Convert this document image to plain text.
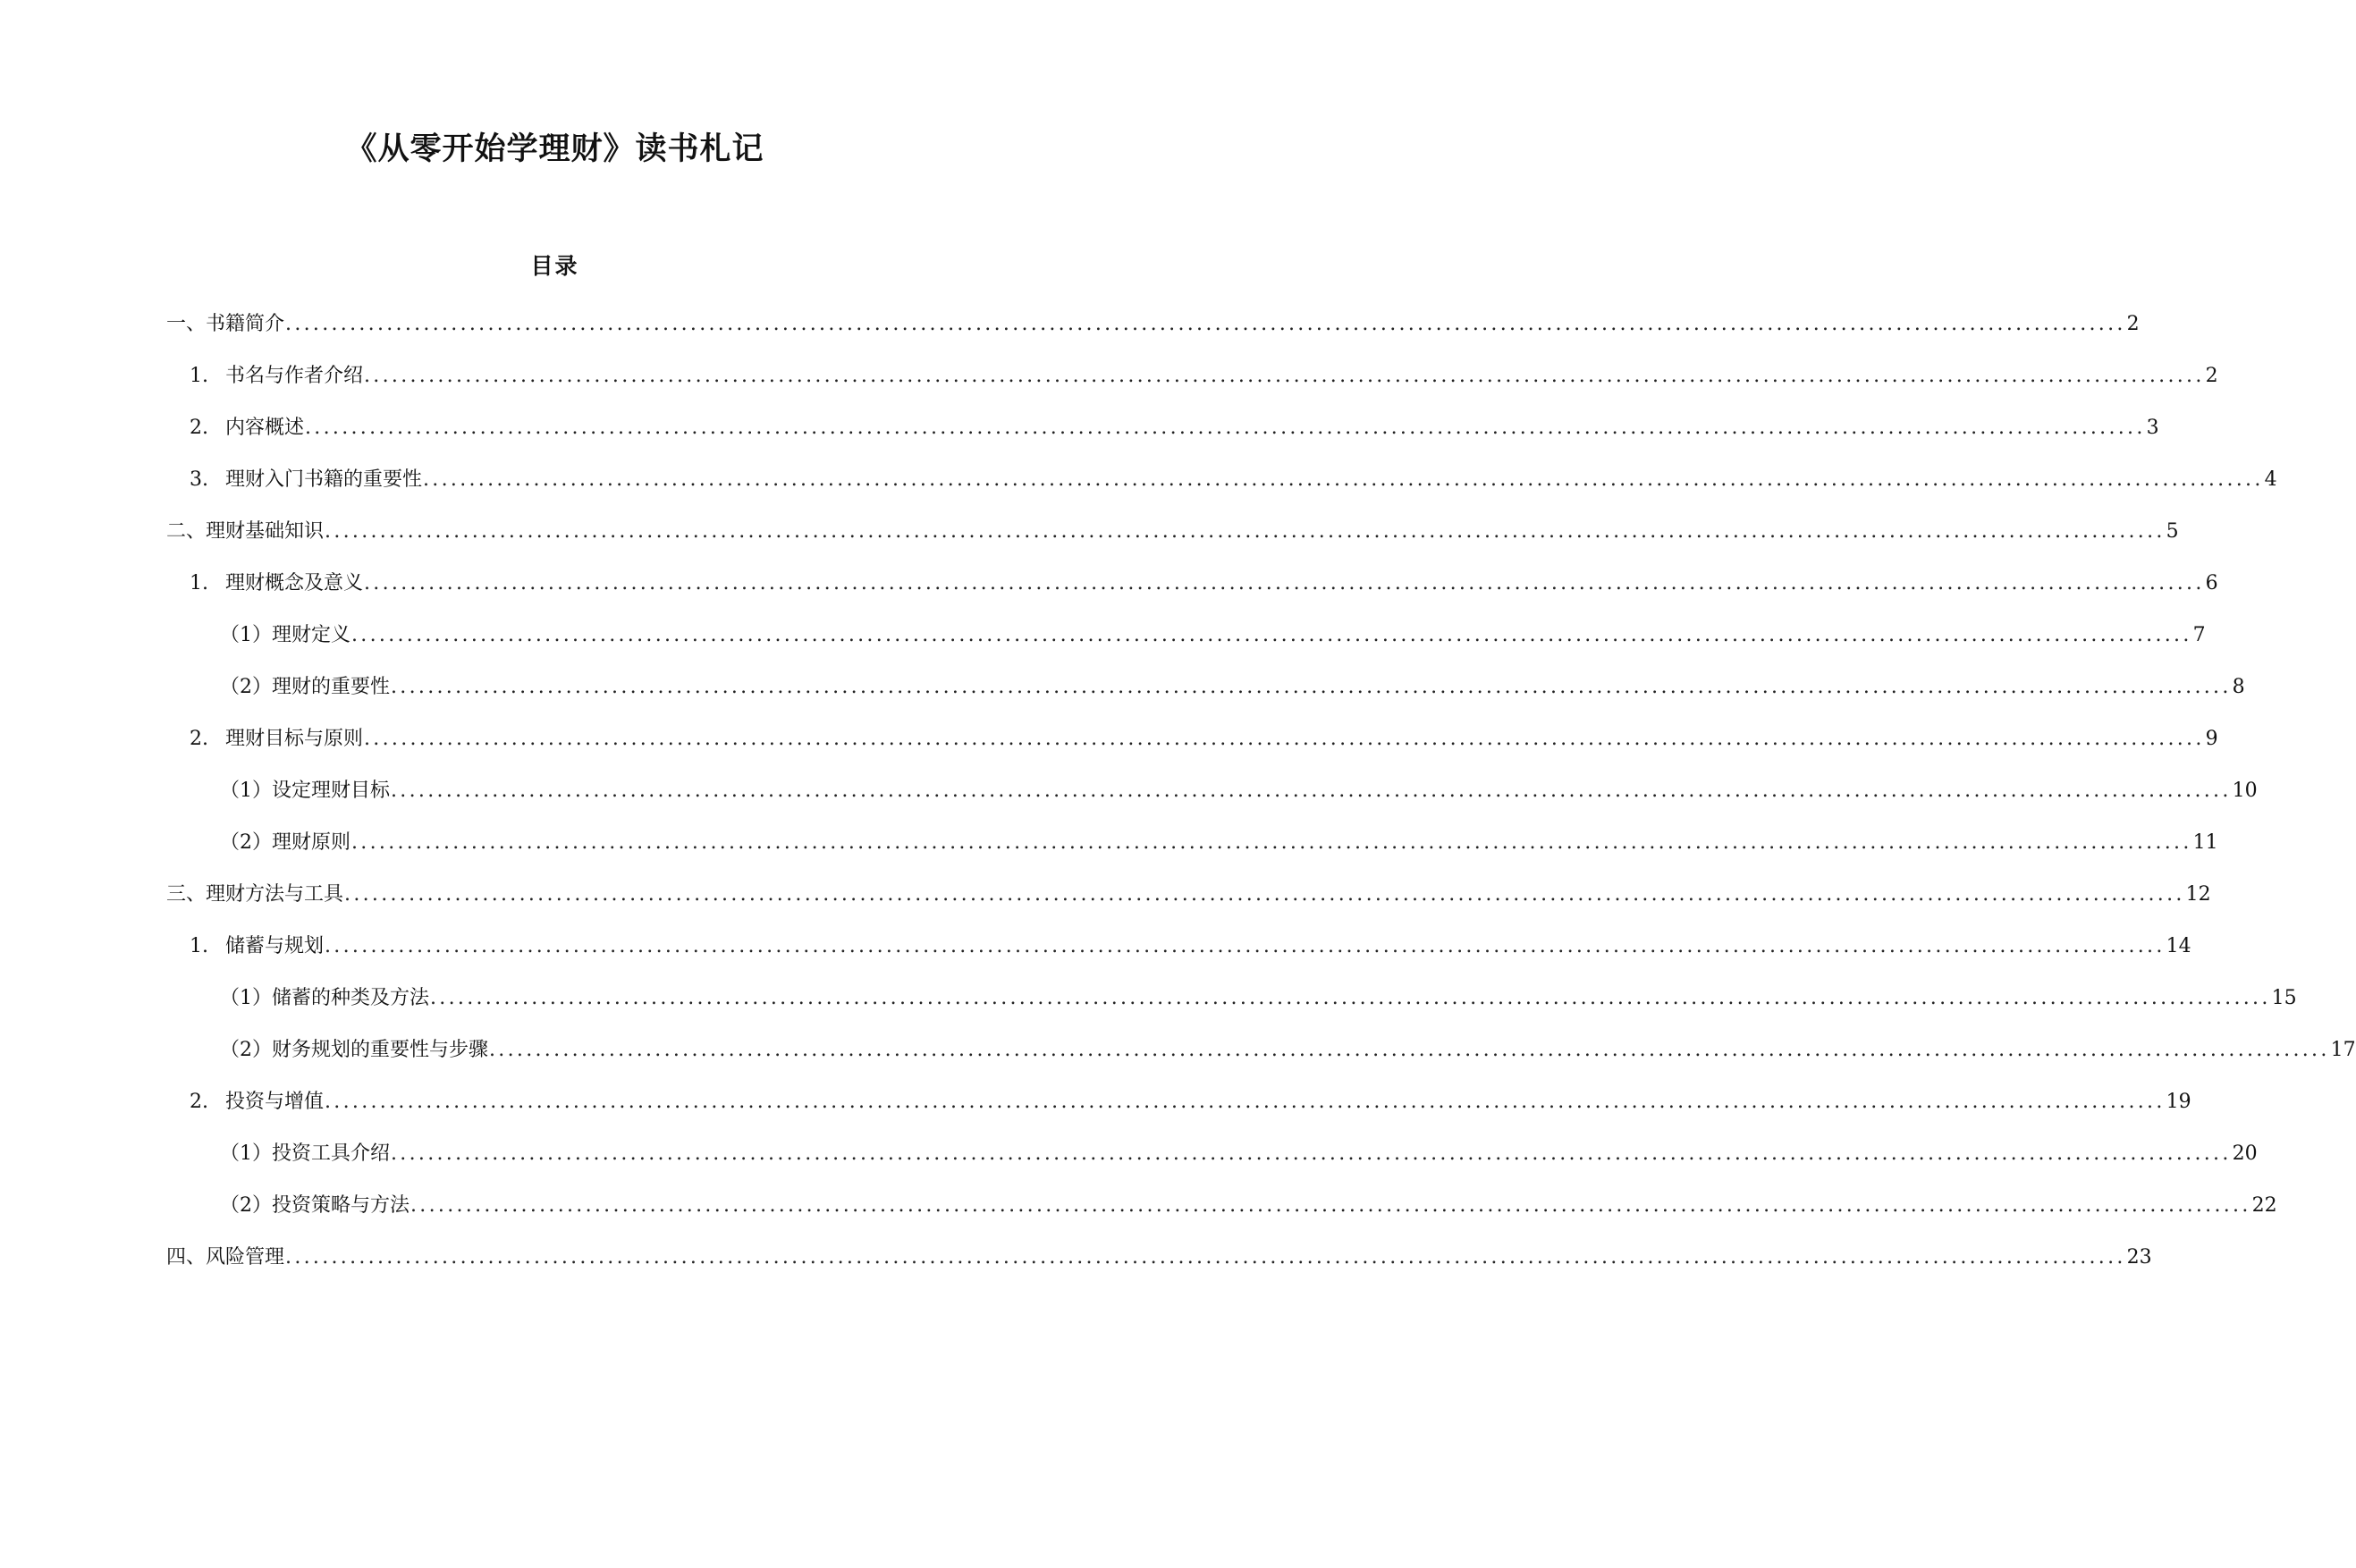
《从零开始学理财》读书札记
目录
一、书籍简介 ........................................................................................................................................................................................................ 2
1. 书名与作者介绍 ........................................................................................................................................................................................................ 2
2. 内容概述 ........................................................................................................................................................................................................ 3
3. 理财入门书籍的重要性 ........................................................................................................................................................................................................ 4
二、理财基础知识 ........................................................................................................................................................................................................ 5
1. 理财概念及意义 ........................................................................................................................................................................................................ 6
（1）理财定义 ........................................................................................................................................................................................................ 7
（2）理财的重要性 ........................................................................................................................................................................................................ 8
2. 理财目标与原则 ........................................................................................................................................................................................................ 9
（1）设定理财目标 ........................................................................................................................................................................................................ 10
（2）理财原则 ........................................................................................................................................................................................................ 11
三、理财方法与工具 ........................................................................................................................................................................................................ 12
1. 储蓄与规划 ........................................................................................................................................................................................................ 14
（1）储蓄的种类及方法 ........................................................................................................................................................................................................ 15
（2）财务规划的重要性与步骤 ........................................................................................................................................................................................................ 17
2. 投资与增值 ........................................................................................................................................................................................................ 19
（1）投资工具介绍 ........................................................................................................................................................................................................ 20
（2）投资策略与方法 ........................................................................................................................................................................................................ 22
四、风险管理 ........................................................................................................................................................................................................ 23
